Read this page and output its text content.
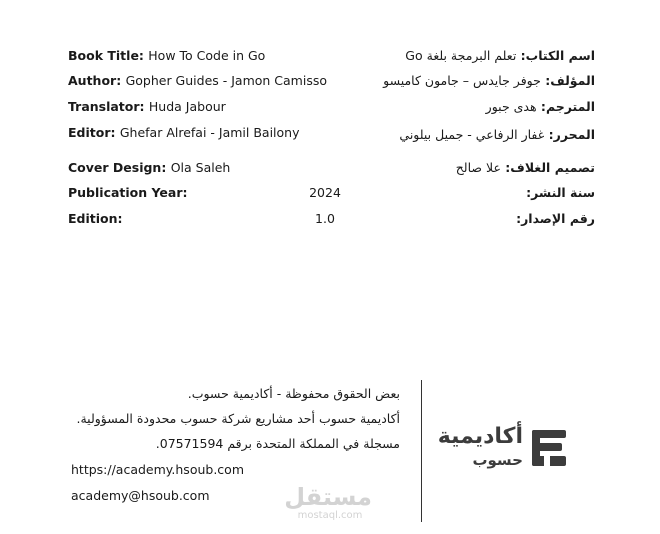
Book Title: How To Code in Go
Author: Gopher Guides - Jamon Camisso
Translator: Huda Jabour
Editor: Ghefar Alrefai - Jamil Bailony
Cover Design: Ola Saleh
Publication Year:
Edition:
2024
1.0
اسم الكتاب: تعلم البرمجة بلغة Go
المؤلف: جوفر جايدس – جامون كاميسو
المترجم: هدى جبور
المحرر: غفار الرفاعي - جميل بيلوني
تصميم الغلاف: علا صالح
سنة النشر:
رقم الإصدار:
بعض الحقوق محفوظة - أكاديمية حسوب.
أكاديمية حسوب أحد مشاريع شركة حسوب محدودة المسؤولية.
مسجلة في المملكة المتحدة برقم 07571594.
https://academy.hsoub.com
academy@hsoub.com
أكاديمية
حسوب
مستقل
mostaql.com
